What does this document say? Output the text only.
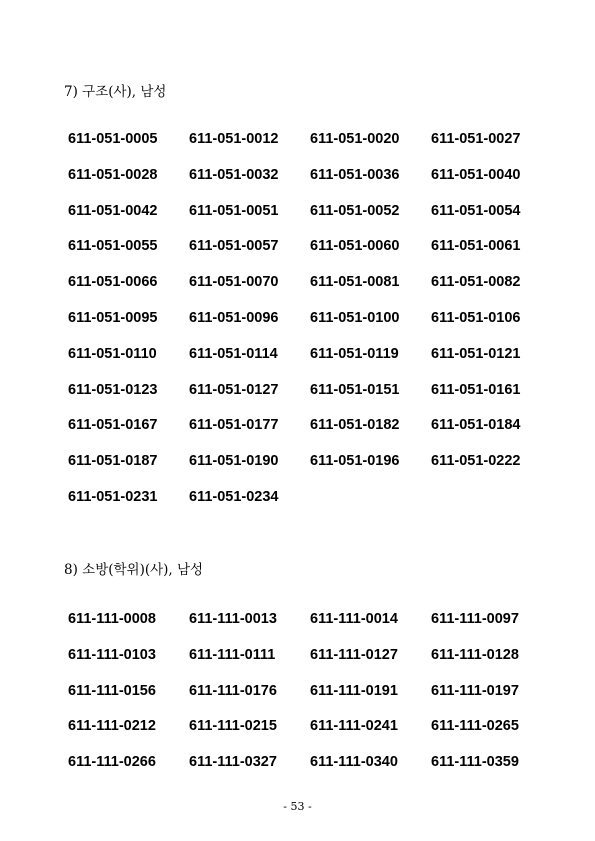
7) 구조(사), 남성
611-051-0005 611-051-0012 611-051-0020 611-051-0027
611-051-0028 611-051-0032 611-051-0036 611-051-0040
611-051-0042 611-051-0051 611-051-0052 611-051-0054
611-051-0055 611-051-0057 611-051-0060 611-051-0061
611-051-0066 611-051-0070 611-051-0081 611-051-0082
611-051-0095 611-051-0096 611-051-0100 611-051-0106
611-051-0110 611-051-0114 611-051-0119 611-051-0121
611-051-0123 611-051-0127 611-051-0151 611-051-0161
611-051-0167 611-051-0177 611-051-0182 611-051-0184
611-051-0187 611-051-0190 611-051-0196 611-051-0222
611-051-0231 611-051-0234
8) 소방(학위)(사), 남성
611-111-0008 611-111-0013 611-111-0014 611-111-0097
611-111-0103 611-111-0111 611-111-0127 611-111-0128
611-111-0156 611-111-0176 611-111-0191 611-111-0197
611-111-0212 611-111-0215 611-111-0241 611-111-0265
611-111-0266 611-111-0327 611-111-0340 611-111-0359
- 53 -
